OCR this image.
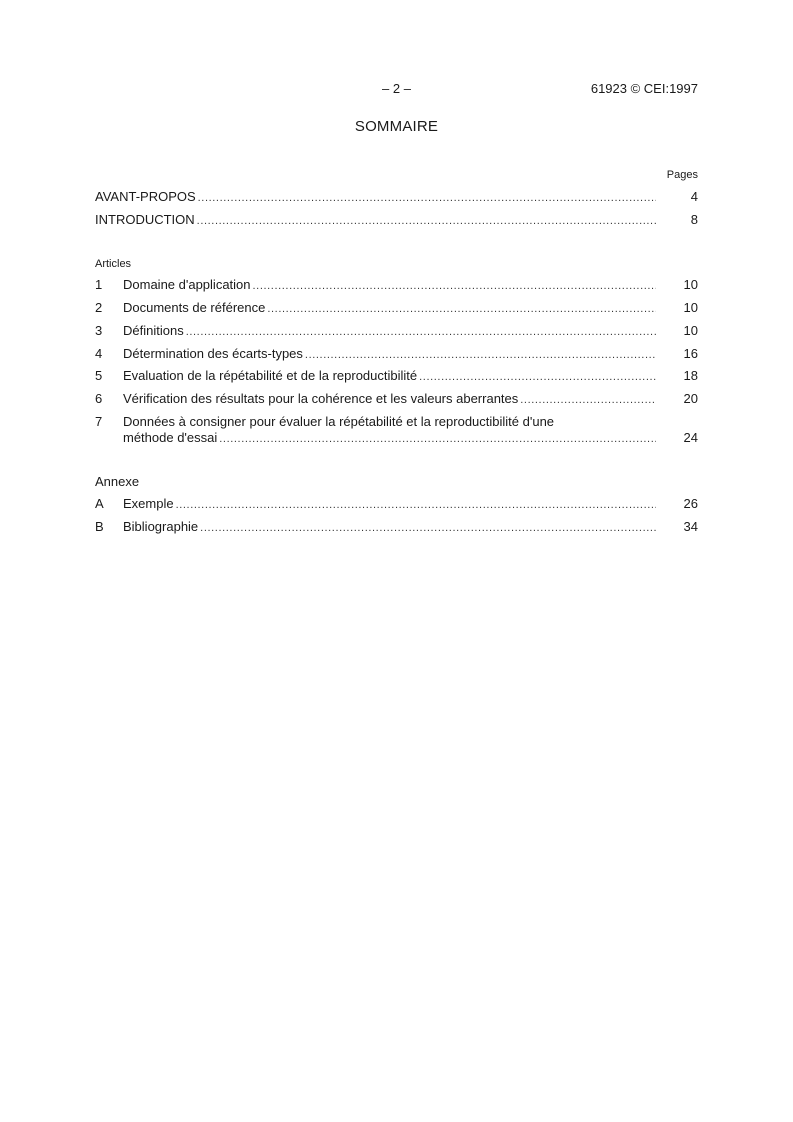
– 2 –	61923 © CEI:1997
SOMMAIRE
Pages
AVANT-PROPOS .....	4
INTRODUCTION .....	8
Articles
1	Domaine d'application .....	10
2	Documents de référence .....	10
3	Définitions .....	10
4	Détermination des écarts-types .....	16
5	Evaluation de la répétabilité et de la reproductibilité .....	18
6	Vérification des résultats pour la cohérence et les valeurs aberrantes .....	20
7	Données à consigner pour évaluer la répétabilité et la reproductibilité d'une
méthode d'essai .....	24
Annexe
A	Exemple .....	26
B	Bibliographie .....	34
